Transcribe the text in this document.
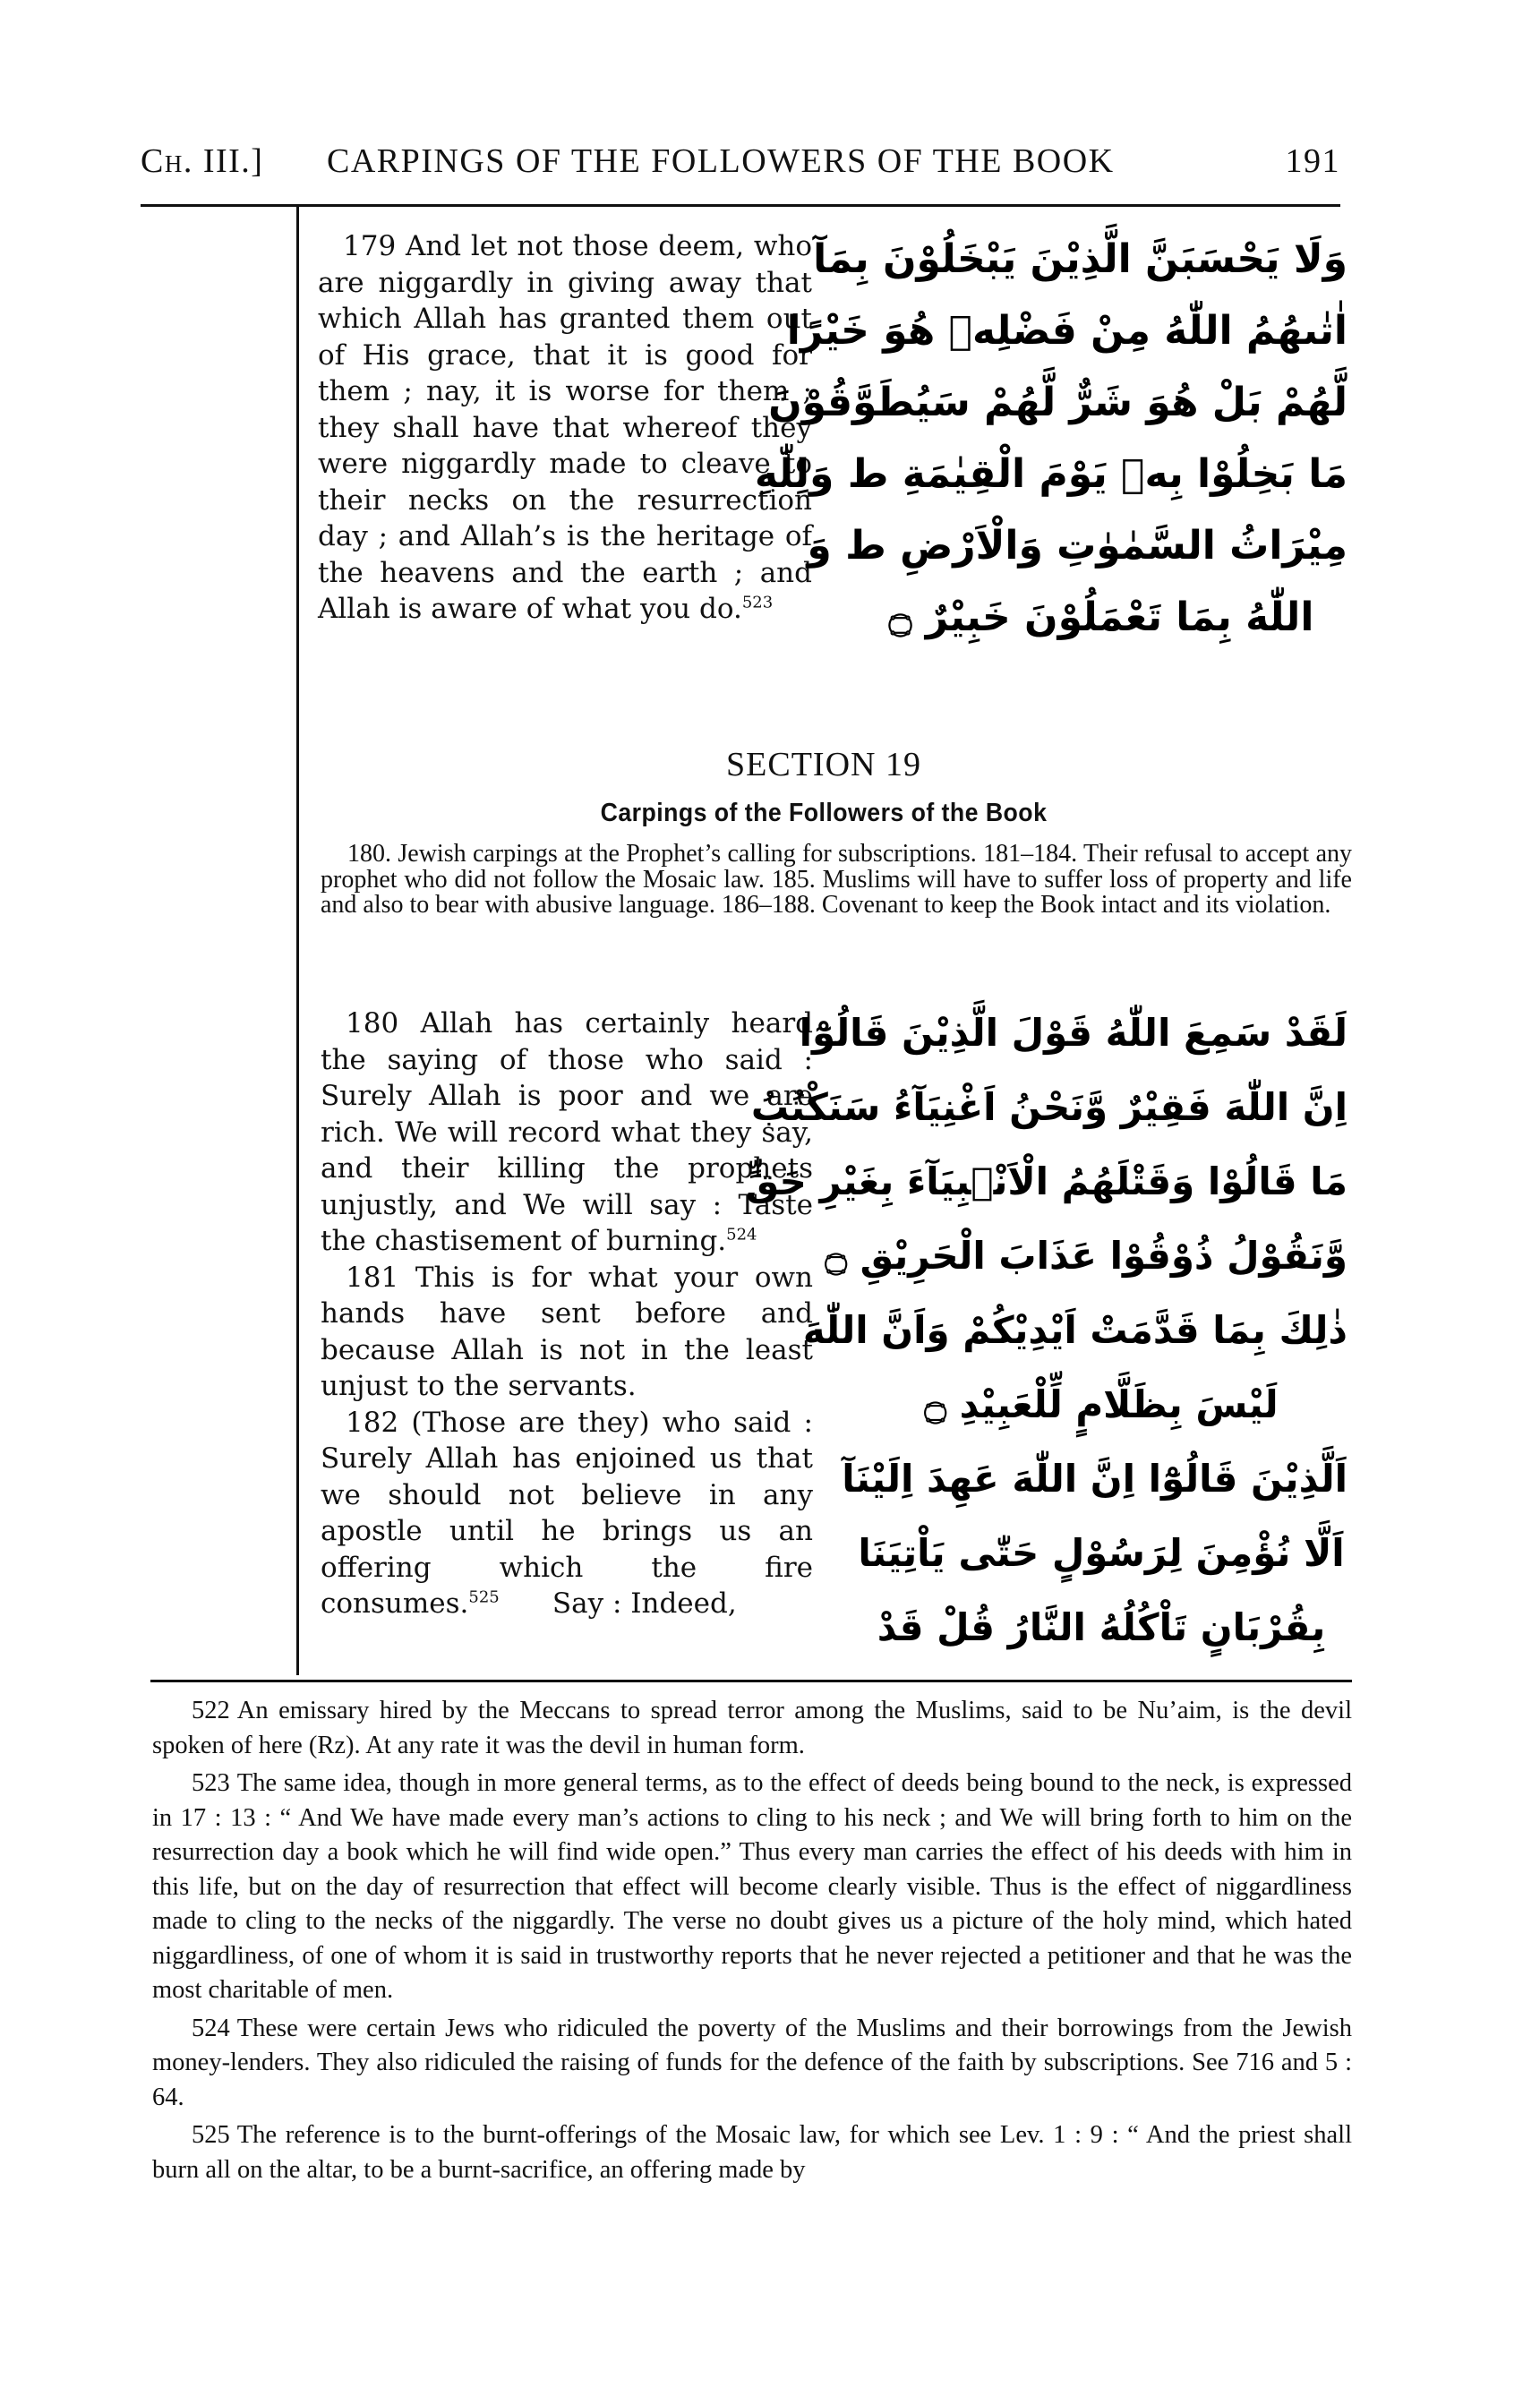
Ch. III.] CARPINGS OF THE FOLLOWERS OF THE BOOK	191

179 And let not those deem, who are niggardly in giving away that which Allah has granted them out of His grace, that it is good for them ; nay, it is worse for them ; they shall have that whereof they were niggardly made to cleave to their necks on the resurrection day ; and Allah’s is the heritage of the heavens and the earth ; and Allah is aware of what you do.$^{523}$

وَلَا يَحْسَبَنَّ الَّذِيْنَ يَبْخَلُوْنَ بِمَآ
اٰتٰىهُمُ اللّٰهُ مِنْ فَضْلِهٖ هُوَ خَيْرًا
لَّهُمْ بَلْ هُوَ شَرٌّ لَّهُمْ سَيُطَوَّقُوْنَ
مَا بَخِلُوْا بِهٖ يَوْمَ الْقِيٰمَةِ ط وَلِلّٰهِ
مِيْرَاثُ السَّمٰوٰتِ وَالْاَرْضِ ط وَ
اللّٰهُ بِمَا تَعْمَلُوْنَ خَبِيْرٌ ۝
SECTION 19
Carpings of the Followers of the Book

180. Jewish carpings at the Prophet’s calling for subscriptions. 181–184. Their refusal to accept any prophet who did not follow the Mosaic law. 185. Muslims will have to suffer loss of property and life and also to bear with abusive language. 186–188. Covenant to keep the Book intact and its violation.

180 Allah has certainly heard the saying of those who said : Surely Allah is poor and we are rich. We will record what they say, and their killing the prophets unjustly, and We will say : Taste the chastisement of burning.$^{524}$

181 This is for what your own hands have sent before and because Allah is not in the least unjust to the servants.

182 (Those are they) who said : Surely Allah has enjoined us that we should not believe in any apostle until he brings us an offering which the fire consumes.$^{525}$ Say : Indeed,

لَقَدْ سَمِعَ اللّٰهُ قَوْلَ الَّذِيْنَ قَالُوْٓا
اِنَّ اللّٰهَ فَقِيْرٌ وَّنَحْنُ اَغْنِيَآءُ سَنَكْتُبُ
مَا قَالُوْا وَقَتْلَهُمُ الْاَنْۢبِيَآءَ بِغَيْرِ حَقٍّ
وَّنَقُوْلُ ذُوْقُوْا عَذَابَ الْحَرِيْقِ ۝
ذٰلِكَ بِمَا قَدَّمَتْ اَيْدِيْكُمْ وَاَنَّ اللّٰهَ
لَيْسَ بِظَلَّامٍ لِّلْعَبِيْدِ ۝
اَلَّذِيْنَ قَالُوْٓا اِنَّ اللّٰهَ عَهِدَ اِلَيْنَآ
اَلَّا نُؤْمِنَ لِرَسُوْلٍ حَتّٰى يَاْتِيَنَا
بِقُرْبَانٍ تَاْكُلُهُ النَّارُ قُلْ قَدْ

522 An emissary hired by the Meccans to spread terror among the Muslims, said to be Nu’aim, is the devil spoken of here (Rz). At any rate it was the devil in human form.

523 The same idea, though in more general terms, as to the effect of deeds being bound to the neck, is expressed in 17 : 13 : “ And We have made every man’s actions to cling to his neck ; and We will bring forth to him on the resurrection day a book which he will find wide open.” Thus every man carries the effect of his deeds with him in this life, but on the day of resurrection that effect will become clearly visible. Thus is the effect of niggardliness made to cling to the necks of the niggardly. The verse no doubt gives us a picture of the holy mind, which hated niggardliness, of one of whom it is said in trustworthy reports that he never rejected a petitioner and that he was the most charitable of men.

524 These were certain Jews who ridiculed the poverty of the Muslims and their borrowings from the Jewish money-lenders. They also ridiculed the raising of funds for the defence of the faith by subscriptions. See 716 and 5 : 64.

525 The reference is to the burnt-offerings of the Mosaic law, for which see Lev. 1 : 9 : “ And the priest shall burn all on the altar, to be a burnt-sacrifice, an offering made by
